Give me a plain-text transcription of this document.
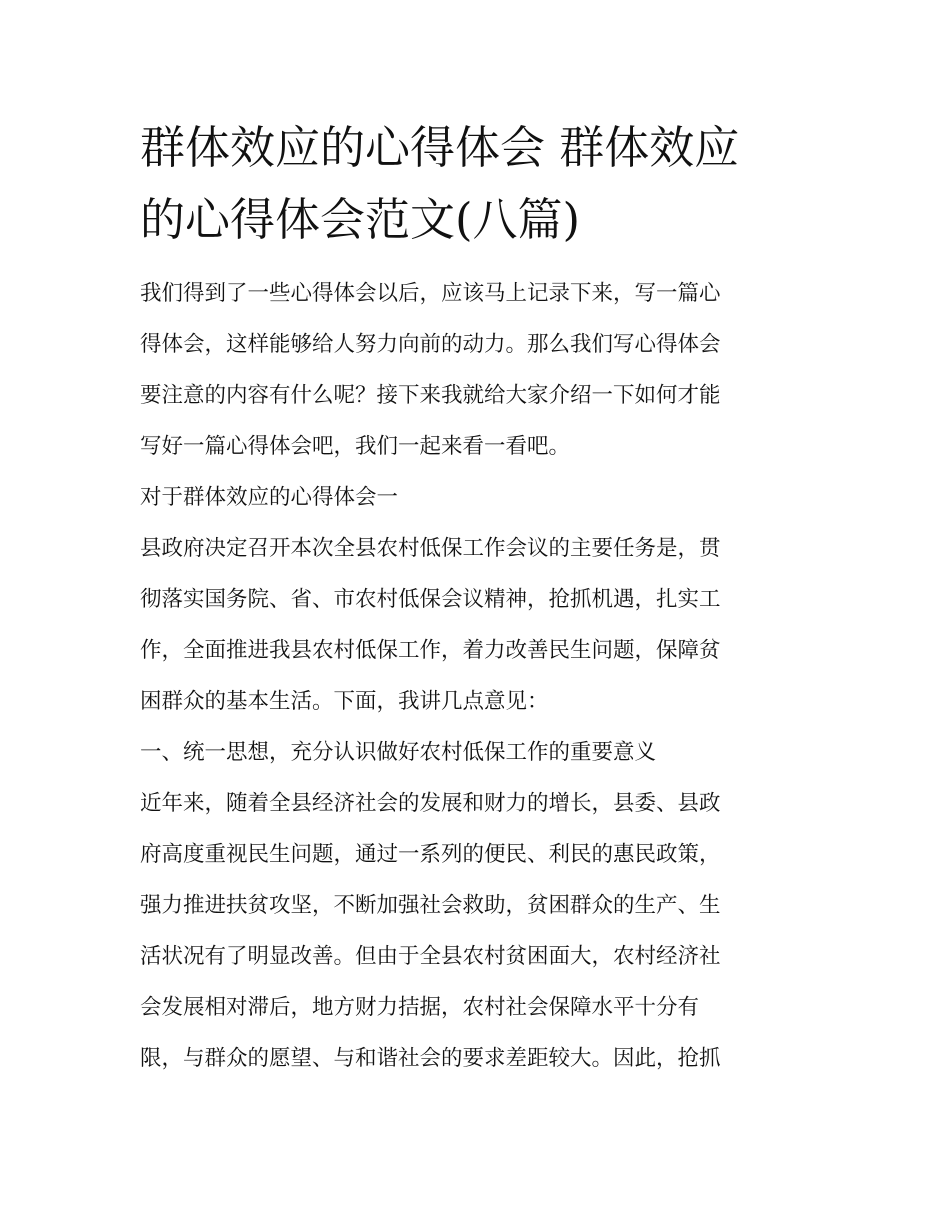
群体效应的心得体会 群体效应
的心得体会范文(八篇)
我们得到了一些心得体会以后，应该马上记录下来，写一篇心
得体会，这样能够给人努力向前的动力。那么我们写心得体会
要注意的内容有什么呢？接下来我就给大家介绍一下如何才能
写好一篇心得体会吧，我们一起来看一看吧。
对于群体效应的心得体会一
县政府决定召开本次全县农村低保工作会议的主要任务是，贯
彻落实国务院、省、市农村低保会议精神，抢抓机遇，扎实工
作，全面推进我县农村低保工作，着力改善民生问题，保障贫
困群众的基本生活。下面，我讲几点意见：
一、统一思想，充分认识做好农村低保工作的重要意义
近年来，随着全县经济社会的发展和财力的增长，县委、县政
府高度重视民生问题，通过一系列的便民、利民的惠民政策，
强力推进扶贫攻坚，不断加强社会救助，贫困群众的生产、生
活状况有了明显改善。但由于全县农村贫困面大，农村经济社
会发展相对滞后，地方财力拮据，农村社会保障水平十分有
限，与群众的愿望、与和谐社会的要求差距较大。因此，抢抓
